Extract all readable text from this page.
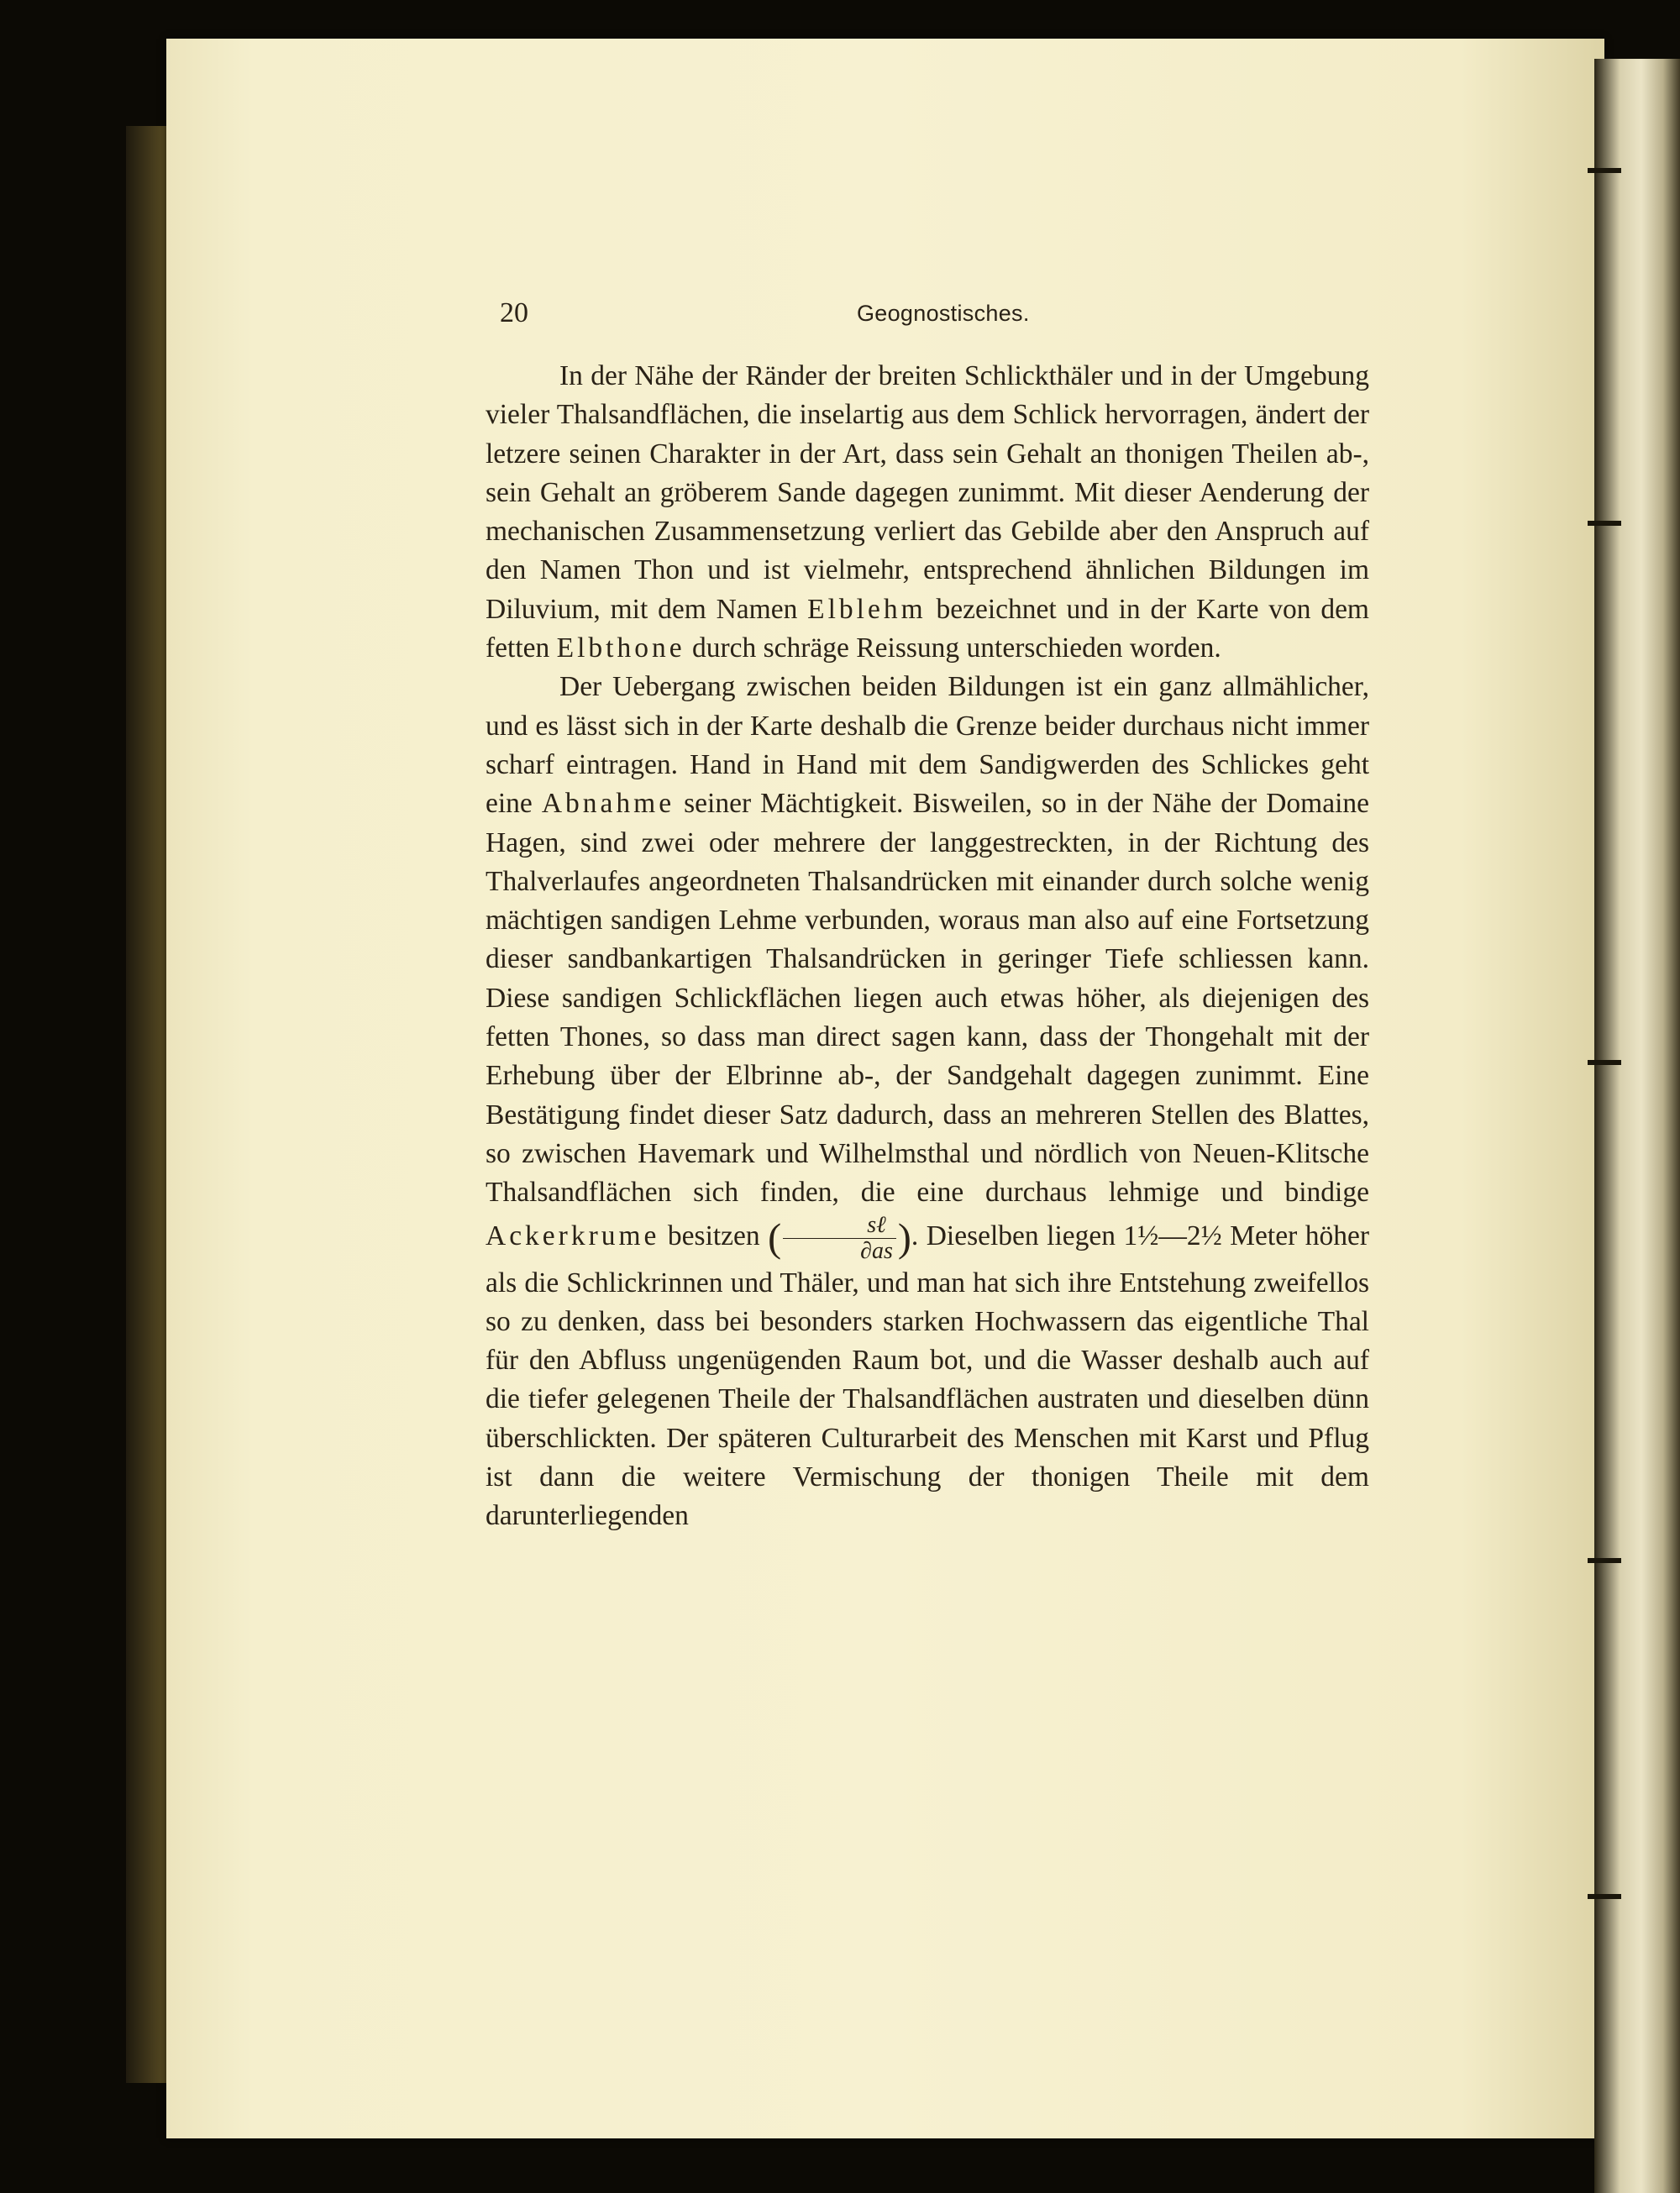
20	Geognostisches.

In der Nähe der Ränder der breiten Schlickthäler und in der Umgebung vieler Thalsandflächen, die inselartig aus dem Schlick hervorragen, ändert der letzere seinen Charakter in der Art, dass sein Gehalt an thonigen Theilen ab-, sein Gehalt an gröberem Sande dagegen zunimmt. Mit dieser Aenderung der mechanischen Zusammensetzung verliert das Gebilde aber den Anspruch auf den Namen Thon und ist vielmehr, entsprechend ähnlichen Bildungen im Diluvium, mit dem Namen Elblehm bezeichnet und in der Karte von dem fetten Elbthone durch schräge Reissung unterschieden worden.

Der Uebergang zwischen beiden Bildungen ist ein ganz allmählicher, und es lässt sich in der Karte deshalb die Grenze beider durchaus nicht immer scharf eintragen. Hand in Hand mit dem Sandigwerden des Schlickes geht eine Abnahme seiner Mächtigkeit. Bisweilen, so in der Nähe der Domaine Hagen, sind zwei oder mehrere der langgestreckten, in der Richtung des Thalverlaufes angeordneten Thalsandrücken mit einander durch solche wenig mächtigen sandigen Lehme verbunden, woraus man also auf eine Fortsetzung dieser sandbankartigen Thalsandrücken in geringer Tiefe schliessen kann. Diese sandigen Schlickflächen liegen auch etwas höher, als diejenigen des fetten Thones, so dass man direct sagen kann, dass der Thongehalt mit der Erhebung über der Elbrinne ab-, der Sandgehalt dagegen zunimmt. Eine Bestätigung findet dieser Satz dadurch, dass an mehreren Stellen des Blattes, so zwischen Havemark und Wilhelmsthal und nördlich von Neuen-Klitsche Thalsandflächen sich finden, die eine durchaus lehmige und bindige Ackerkrume besitzen ( $\frac{\text{sℓ}}{\partial as}$ ). Dieselben liegen 1½—2½ Meter höher als die Schlickrinnen und Thäler, und man hat sich ihre Entstehung zweifellos so zu denken, dass bei besonders starken Hochwassern das eigentliche Thal für den Abfluss ungenügenden Raum bot, und die Wasser deshalb auch auf die tiefer gelegenen Theile der Thalsandflächen austraten und dieselben dünn überschlickten. Der späteren Culturarbeit des Menschen mit Karst und Pflug ist dann die weitere Vermischung der thonigen Theile mit dem darunterliegenden
